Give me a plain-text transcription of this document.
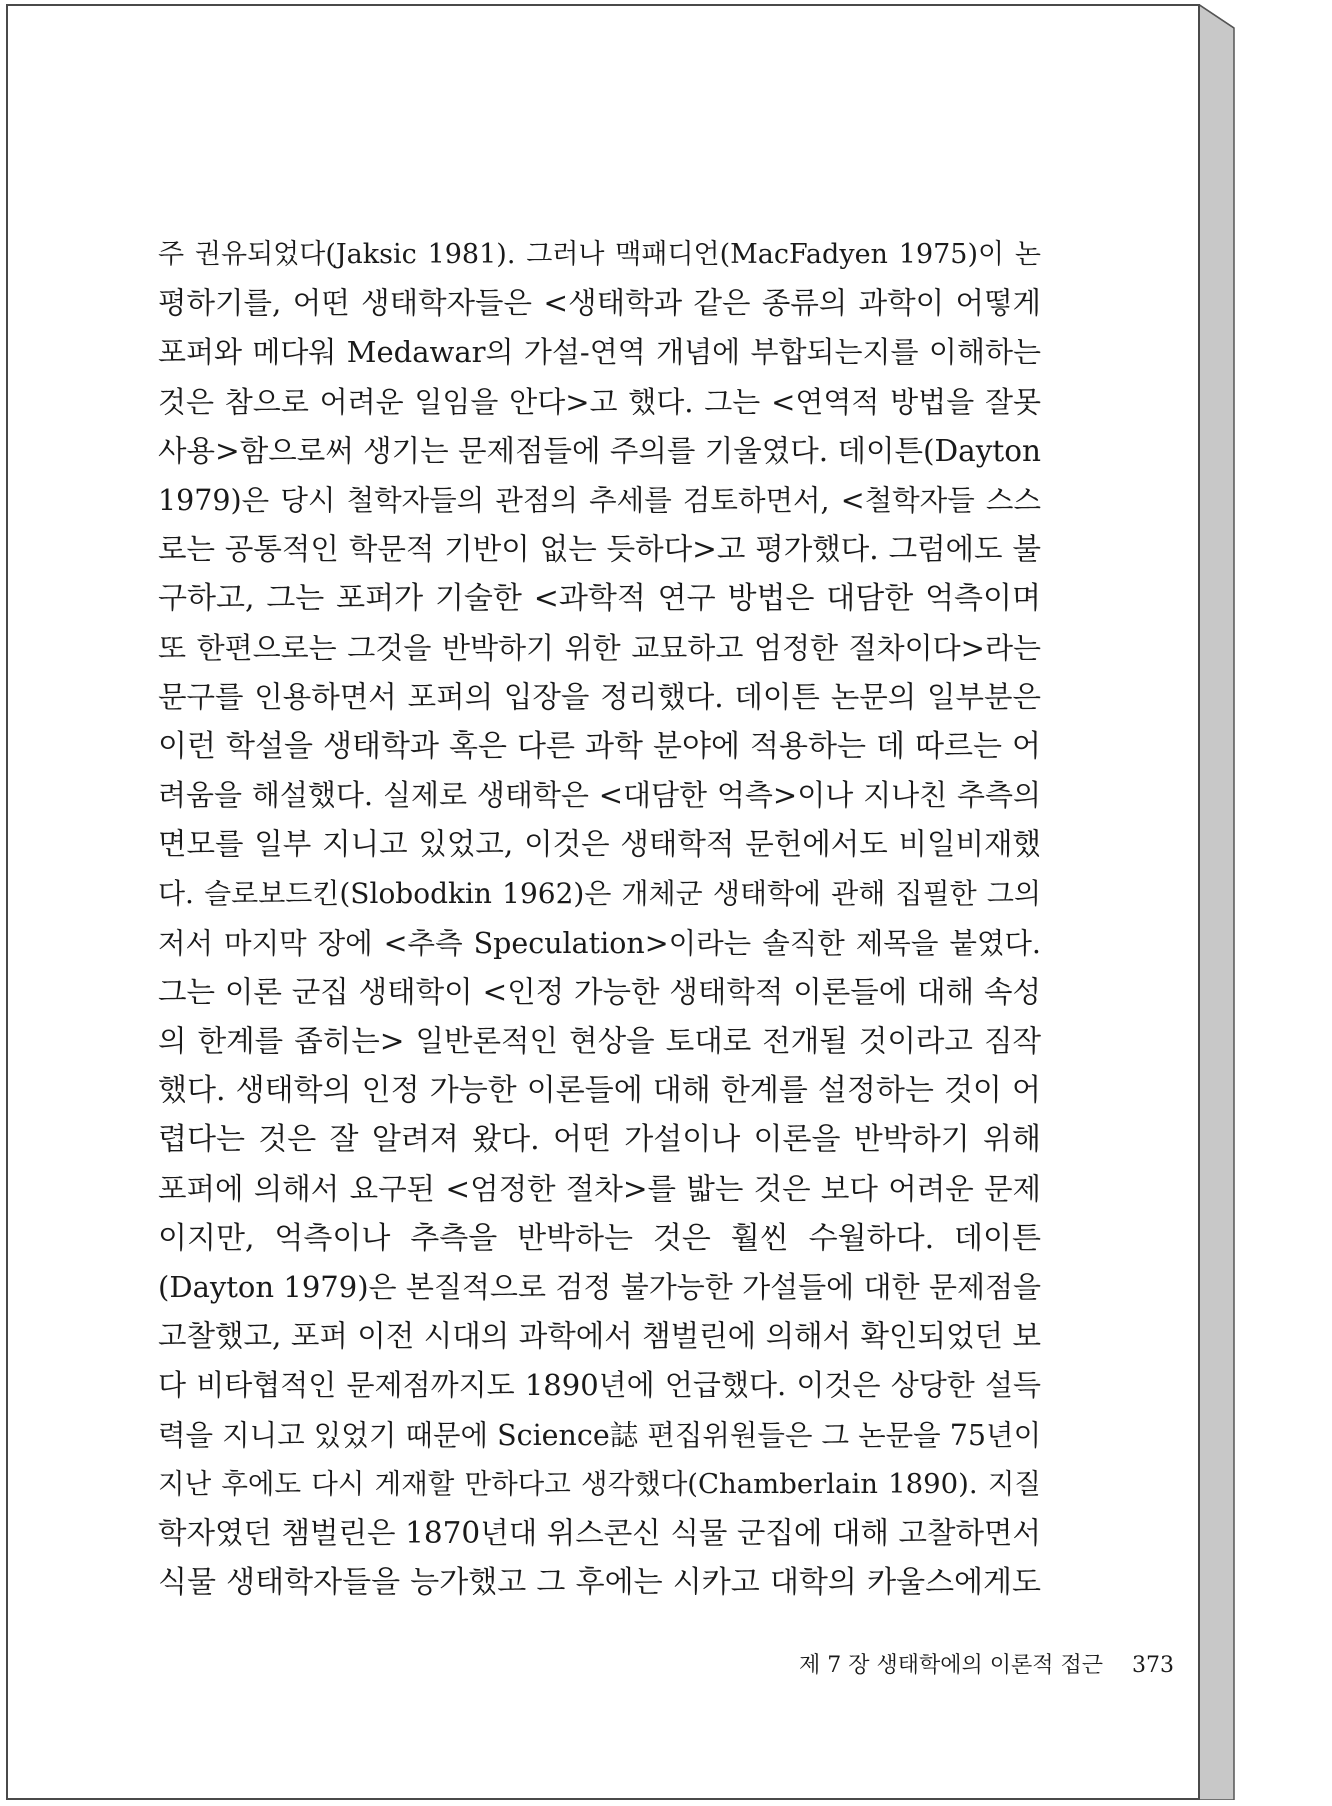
주 권유되었다(Jaksic 1981). 그러나 맥패디언(MacFadyen 1975)이 논
평하기를, 어떤 생태학자들은 <생태학과 같은 종류의 과학이 어떻게
포퍼와 메다워 Medawar의 가설-연역 개념에 부합되는지를 이해하는
것은 참으로 어려운 일임을 안다>고 했다. 그는 <연역적 방법을 잘못
사용>함으로써 생기는 문제점들에 주의를 기울였다. 데이튼(Dayton
1979)은 당시 철학자들의 관점의 추세를 검토하면서, <철학자들 스스
로는 공통적인 학문적 기반이 없는 듯하다>고 평가했다. 그럼에도 불
구하고, 그는 포퍼가 기술한 <과학적 연구 방법은 대담한 억측이며
또 한편으로는 그것을 반박하기 위한 교묘하고 엄정한 절차이다>라는
문구를 인용하면서 포퍼의 입장을 정리했다. 데이튼 논문의 일부분은
이런 학설을 생태학과 혹은 다른 과학 분야에 적용하는 데 따르는 어
려움을 해설했다. 실제로 생태학은 <대담한 억측>이나 지나친 추측의
면모를 일부 지니고 있었고, 이것은 생태학적 문헌에서도 비일비재했
다. 슬로보드킨(Slobodkin 1962)은 개체군 생태학에 관해 집필한 그의
저서 마지막 장에 <추측 Speculation>이라는 솔직한 제목을 붙였다.
그는 이론 군집 생태학이 <인정 가능한 생태학적 이론들에 대해 속성
의 한계를 좁히는> 일반론적인 현상을 토대로 전개될 것이라고 짐작
했다. 생태학의 인정 가능한 이론들에 대해 한계를 설정하는 것이 어
렵다는 것은 잘 알려져 왔다. 어떤 가설이나 이론을 반박하기 위해
포퍼에 의해서 요구된 <엄정한 절차>를 밟는 것은 보다 어려운 문제
이지만, 억측이나 추측을 반박하는 것은 훨씬 수월하다. 데이튼
(Dayton 1979)은 본질적으로 검정 불가능한 가설들에 대한 문제점을
고찰했고, 포퍼 이전 시대의 과학에서 챔벌린에 의해서 확인되었던 보
다 비타협적인 문제점까지도 1890년에 언급했다. 이것은 상당한 설득
력을 지니고 있었기 때문에 Science誌 편집위원들은 그 논문을 75년이
지난 후에도 다시 게재할 만하다고 생각했다(Chamberlain 1890). 지질
학자였던 챔벌린은 1870년대 위스콘신 식물 군집에 대해 고찰하면서
식물 생태학자들을 능가했고 그 후에는 시카고 대학의 카울스에게도
제 7 장 생태학에의 이론적 접근 373
